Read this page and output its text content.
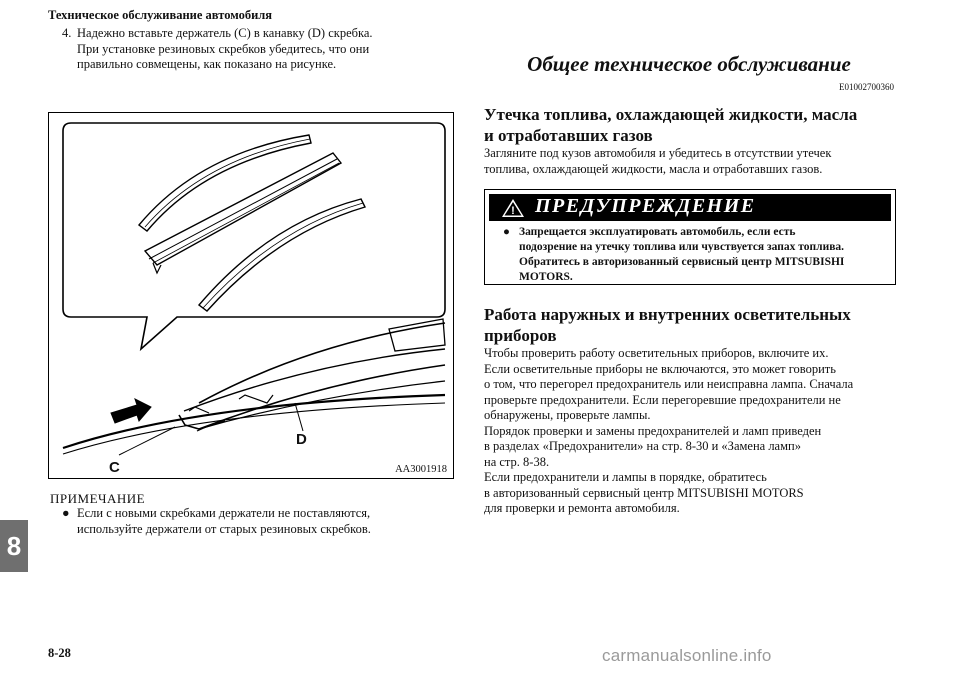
Техническое обслуживание автомобиля
4. Надежно вставьте держатель (C) в канавку (D) скребка.
При установке резиновых скребков убедитесь, что они
правильно совмещены, как показано на рисунке.
C
D
AA3001918
ПРИМЕЧАНИЕ
● Если с новыми скребками держатели не поставляются,
используйте держатели от старых резиновых скребков.
8
8-28
Общее техническое обслуживание
E01002700360
Утечка топлива, охлаждающей жидкости, масла
и отработавших газов
Загляните под кузов автомобиля и убедитесь в отсутствии утечек
топлива, охлаждающей жидкости, масла и отработавших газов.
! ПРЕДУПРЕЖДЕНИЕ
● Запрещается эксплуатировать автомобиль, если есть
подозрение на утечку топлива или чувствуется запах топлива.
Обратитесь в авторизованный сервисный центр MITSUBISHI
MOTORS.
Работа наружных и внутренних осветительных
приборов
Чтобы проверить работу осветительных приборов, включите их.
Если осветительные приборы не включаются, это может говорить
о том, что перегорел предохранитель или неисправна лампа. Сначала
проверьте предохранители. Если перегоревшие предохранители не
обнаружены, проверьте лампы.
Порядок проверки и замены предохранителей и ламп приведен
в разделах «Предохранители» на стр. 8-30 и «Замена ламп»
на стр. 8-38.
Если предохранители и лампы в порядке, обратитесь
в авторизованный сервисный центр MITSUBISHI MOTORS
для проверки и ремонта автомобиля.
carmanualsonline.info
